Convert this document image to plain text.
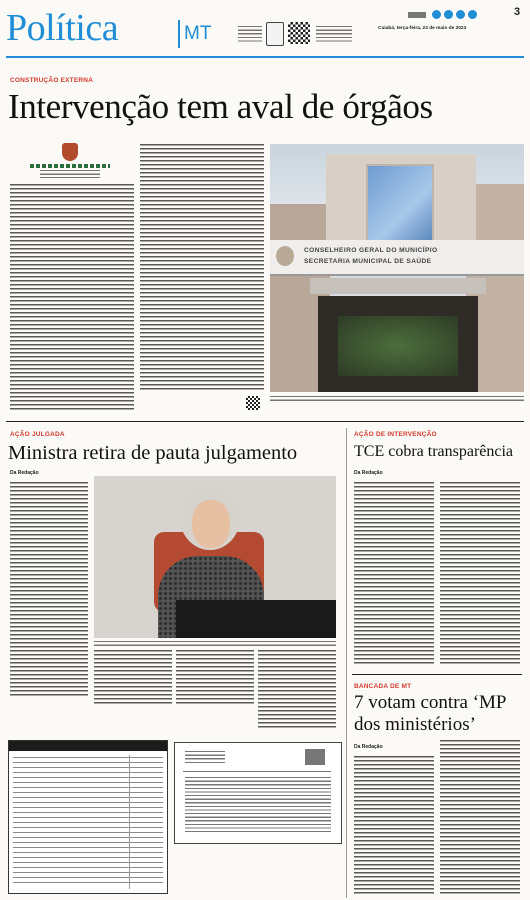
Política	MT	Cuiabá, terça-feira, 23 de maio de 2023
3
CONSTRUÇÃO EXTERNA
Intervenção tem aval de órgãos
CONSELHEIRO GERAL DO MUNICÍPIO
SECRETARIA MUNICIPAL DE SAÚDE
AÇÃO JULGADA
Ministra retira de pauta julgamento
Da Redação
AÇÃO DE INTERVENÇÃO
TCE cobra transparência
Da Redação
BANCADA DE MT
7 votam contra ‘MP dos ministérios’
Da Redação
